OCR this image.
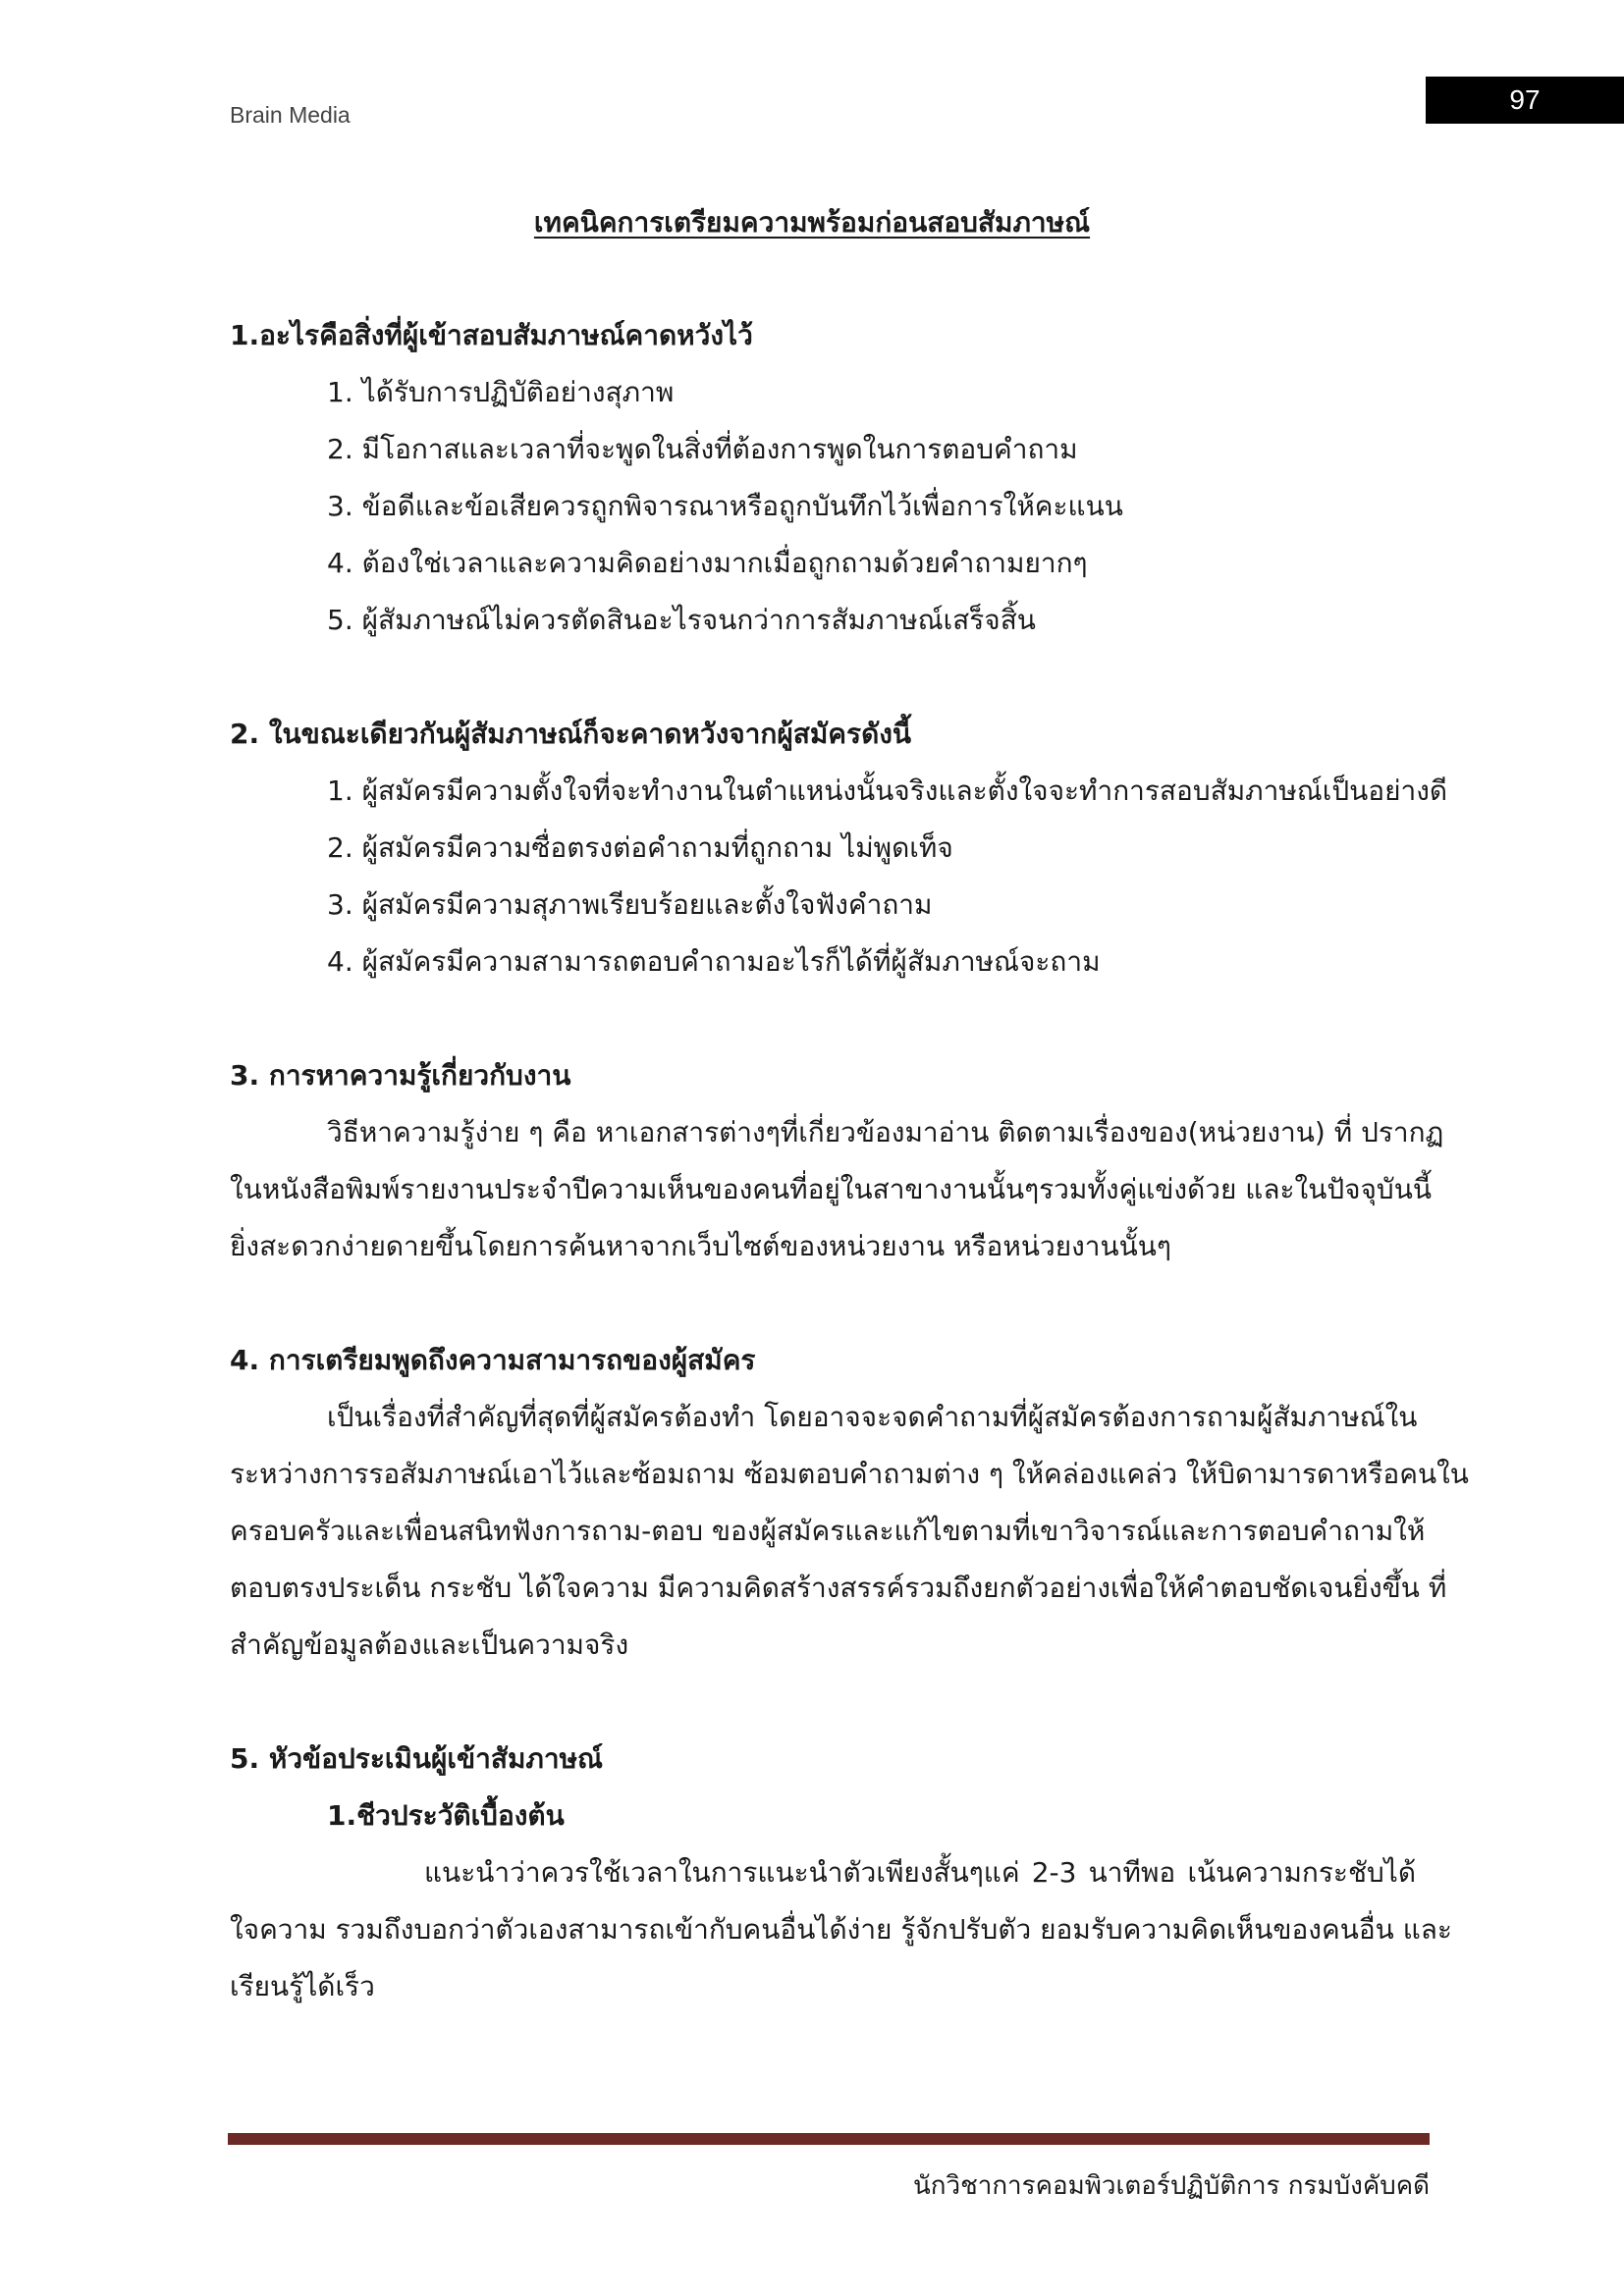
Brain Media	97
เทคนิคการเตรียมความพร้อมก่อนสอบสัมภาษณ์
1.อะไรคือสิ่งที่ผู้เข้าสอบสัมภาษณ์คาดหวังไว้
1. ได้รับการปฏิบัติอย่างสุภาพ
2. มีโอกาสและเวลาที่จะพูดในสิ่งที่ต้องการพูดในการตอบคำถาม
3. ข้อดีและข้อเสียควรถูกพิจารณาหรือถูกบันทึกไว้เพื่อการให้คะแนน
4. ต้องใช่เวลาและความคิดอย่างมากเมื่อถูกถามด้วยคำถามยากๆ
5. ผู้สัมภาษณ์ไม่ควรตัดสินอะไรจนกว่าการสัมภาษณ์เสร็จสิ้น
2. ในขณะเดียวกันผู้สัมภาษณ์ก็จะคาดหวังจากผู้สมัครดังนี้
1. ผู้สมัครมีความตั้งใจที่จะทำงานในตำแหน่งนั้นจริงและตั้งใจจะทำการสอบสัมภาษณ์เป็นอย่างดี
2. ผู้สมัครมีความซื่อตรงต่อคำถามที่ถูกถาม ไม่พูดเท็จ
3. ผู้สมัครมีความสุภาพเรียบร้อยและตั้งใจฟังคำถาม
4. ผู้สมัครมีความสามารถตอบคำถามอะไรก็ได้ที่ผู้สัมภาษณ์จะถาม
3. การหาความรู้เกี่ยวกับงาน
วิธีหาความรู้ง่าย ๆ คือ หาเอกสารต่างๆที่เกี่ยวข้องมาอ่าน ติดตามเรื่องของ(หน่วยงาน) ที่ ปรากฏ
ในหนังสือพิมพ์รายงานประจำปีความเห็นของคนที่อยู่ในสาขางานนั้นๆรวมทั้งคู่แข่งด้วย และในปัจจุบันนี้
ยิ่งสะดวกง่ายดายขึ้นโดยการค้นหาจากเว็บไซต์ของหน่วยงาน หรือหน่วยงานนั้นๆ
4. การเตรียมพูดถึงความสามารถของผู้สมัคร
เป็นเรื่องที่สำคัญที่สุดที่ผู้สมัครต้องทำ โดยอาจจะจดคำถามที่ผู้สมัครต้องการถามผู้สัมภาษณ์ใน
ระหว่างการรอสัมภาษณ์เอาไว้และซ้อมถาม ซ้อมตอบคำถามต่าง ๆ ให้คล่องแคล่ว ให้บิดามารดาหรือคนใน
ครอบครัวและเพื่อนสนิทฟังการถาม-ตอบ ของผู้สมัครและแก้ไขตามที่เขาวิจารณ์และการตอบคำถามให้
ตอบตรงประเด็น กระชับ ได้ใจความ มีความคิดสร้างสรรค์รวมถึงยกตัวอย่างเพื่อให้คำตอบชัดเจนยิ่งขึ้น ที่
สำคัญข้อมูลต้องและเป็นความจริง
5. หัวข้อประเมินผู้เข้าสัมภาษณ์
1.ชีวประวัติเบื้องต้น
แนะนำว่าควรใช้เวลาในการแนะนำตัวเพียงสั้นๆแค่ 2-3 นาทีพอ เน้นความกระชับได้
ใจความ รวมถึงบอกว่าตัวเองสามารถเข้ากับคนอื่นได้ง่าย รู้จักปรับตัว ยอมรับความคิดเห็นของคนอื่น และ
เรียนรู้ได้เร็ว
นักวิชาการคอมพิวเตอร์ปฏิบัติการ กรมบังคับคดี
